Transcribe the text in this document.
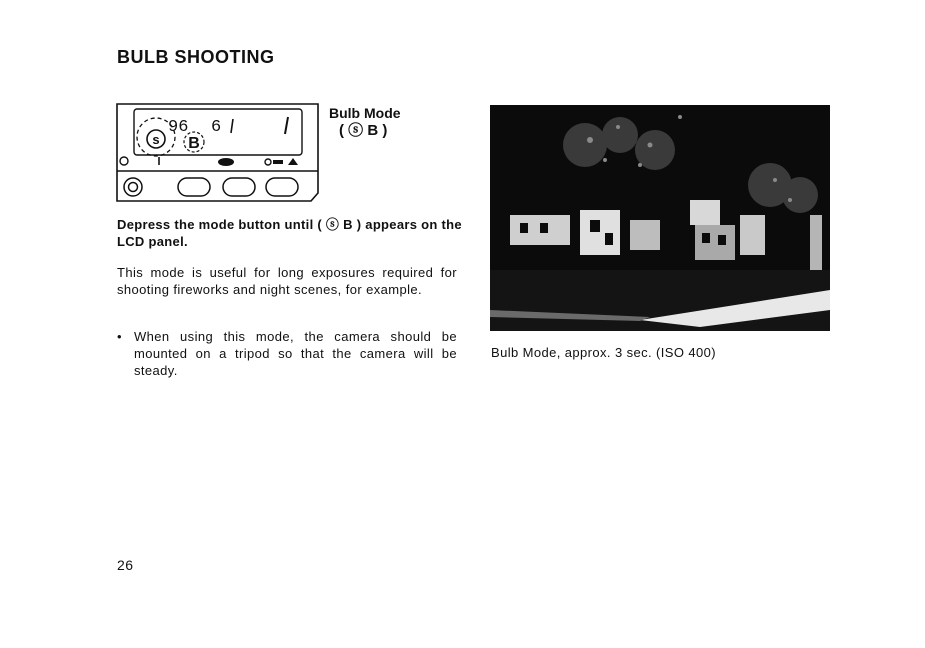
BULB SHOOTING
s B
96 6
Bulb Mode
( ⓢ B )
Depress the mode button until ( ⓢ B ) appears on the LCD panel.
This mode is useful for long exposures required for shooting fireworks and night scenes, for example.
• When using this mode, the camera should be mounted on a tripod so that the camera will be steady.
Bulb Mode, approx. 3 sec. (ISO 400)
26
